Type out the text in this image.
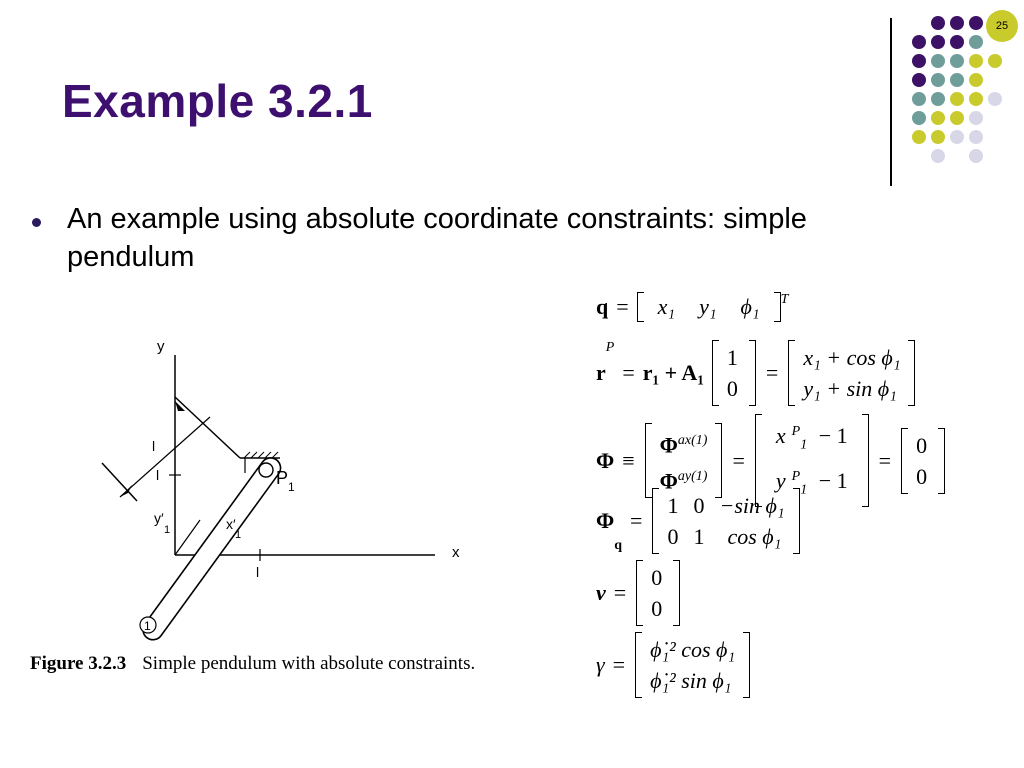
Example 3.2.1
25
An example using absolute coordinate constraints: simple pendulum
y
x
l
l
l
P 1
x′
1
y′
1
1
Figure 3.2.3 Simple pendulum with absolute constraints.
q =	x₁	y₁	ϕ₁	$^T$
r
P
= r₁ + A₁
1
0
=
x₁ + cos ϕ₁
y₁ + sin ϕ₁
Φ ≡
$\Phi^{ax(1)}$
$\Phi^{ay(1)}$
=
x $^P_1$ − 1
y $^P_1$ − 1
=
0
0
Φ
q
=
1 0 −sin ϕ₁
0 1	cos ϕ₁
ν =
0
0
γ =
ϕ̇₁² cos ϕ₁
ϕ̇₁² sin ϕ₁
